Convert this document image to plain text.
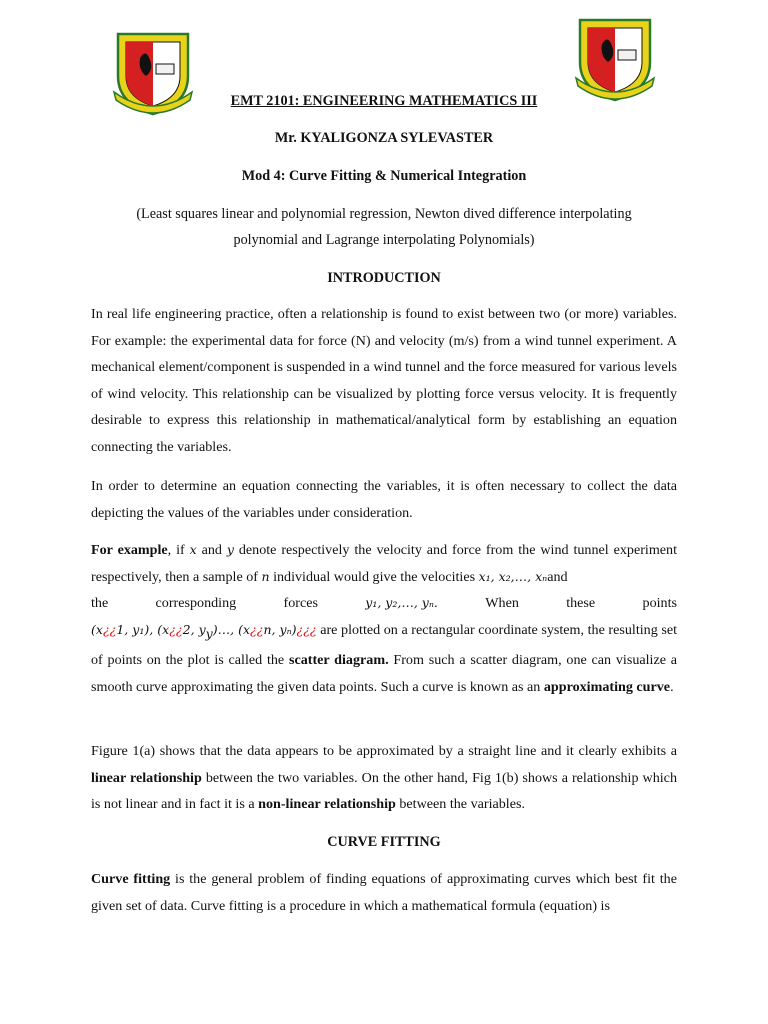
EMT 2101: ENGINEERING MATHEMATICS III
Mr. KYALIGONZA SYLEVASTER
Mod 4: Curve Fitting & Numerical Integration
(Least squares linear and polynomial regression, Newton dived difference interpolating
polynomial and Lagrange interpolating Polynomials)
INTRODUCTION

In real life engineering practice, often a relationship is found to exist between two (or more) variables. For example: the experimental data for force (N) and velocity (m/s) from a wind tunnel experiment. A mechanical element/component is suspended in a wind tunnel and the force measured for various levels of wind velocity. This relationship can be visualized by plotting force versus velocity. It is frequently desirable to express this relationship in mathematical/analytical form by establishing an equation connecting the variables.

In order to determine an equation connecting the variables, it is often necessary to collect the data depicting the values of the variables under consideration.

For example, if x and y denote respectively the velocity and force from the wind tunnel experiment respectively, then a sample of n individual would give the velocities x₁, x₂,…, xₙand
the	corresponding	forces	y₁, y₂,…, yₙ.	When	these	points
(x¿¿1, y₁), (x¿¿2, $y_y)\dots$, (x¿¿n, yₙ)¿¿¿ are plotted on a rectangular coordinate system, the resulting set of points on the plot is called the scatter diagram. From such a scatter diagram, one can visualize a smooth curve approximating the given data points. Such a curve is known as an approximating curve.

Figure 1(a) shows that the data appears to be approximated by a straight line and it clearly exhibits a linear relationship between the two variables. On the other hand, Fig 1(b) shows a relationship which is not linear and in fact it is a non-linear relationship between the variables.

CURVE FITTING

Curve fitting is the general problem of finding equations of approximating curves which best fit the given set of data. Curve fitting is a procedure in which a mathematical formula (equation) is
